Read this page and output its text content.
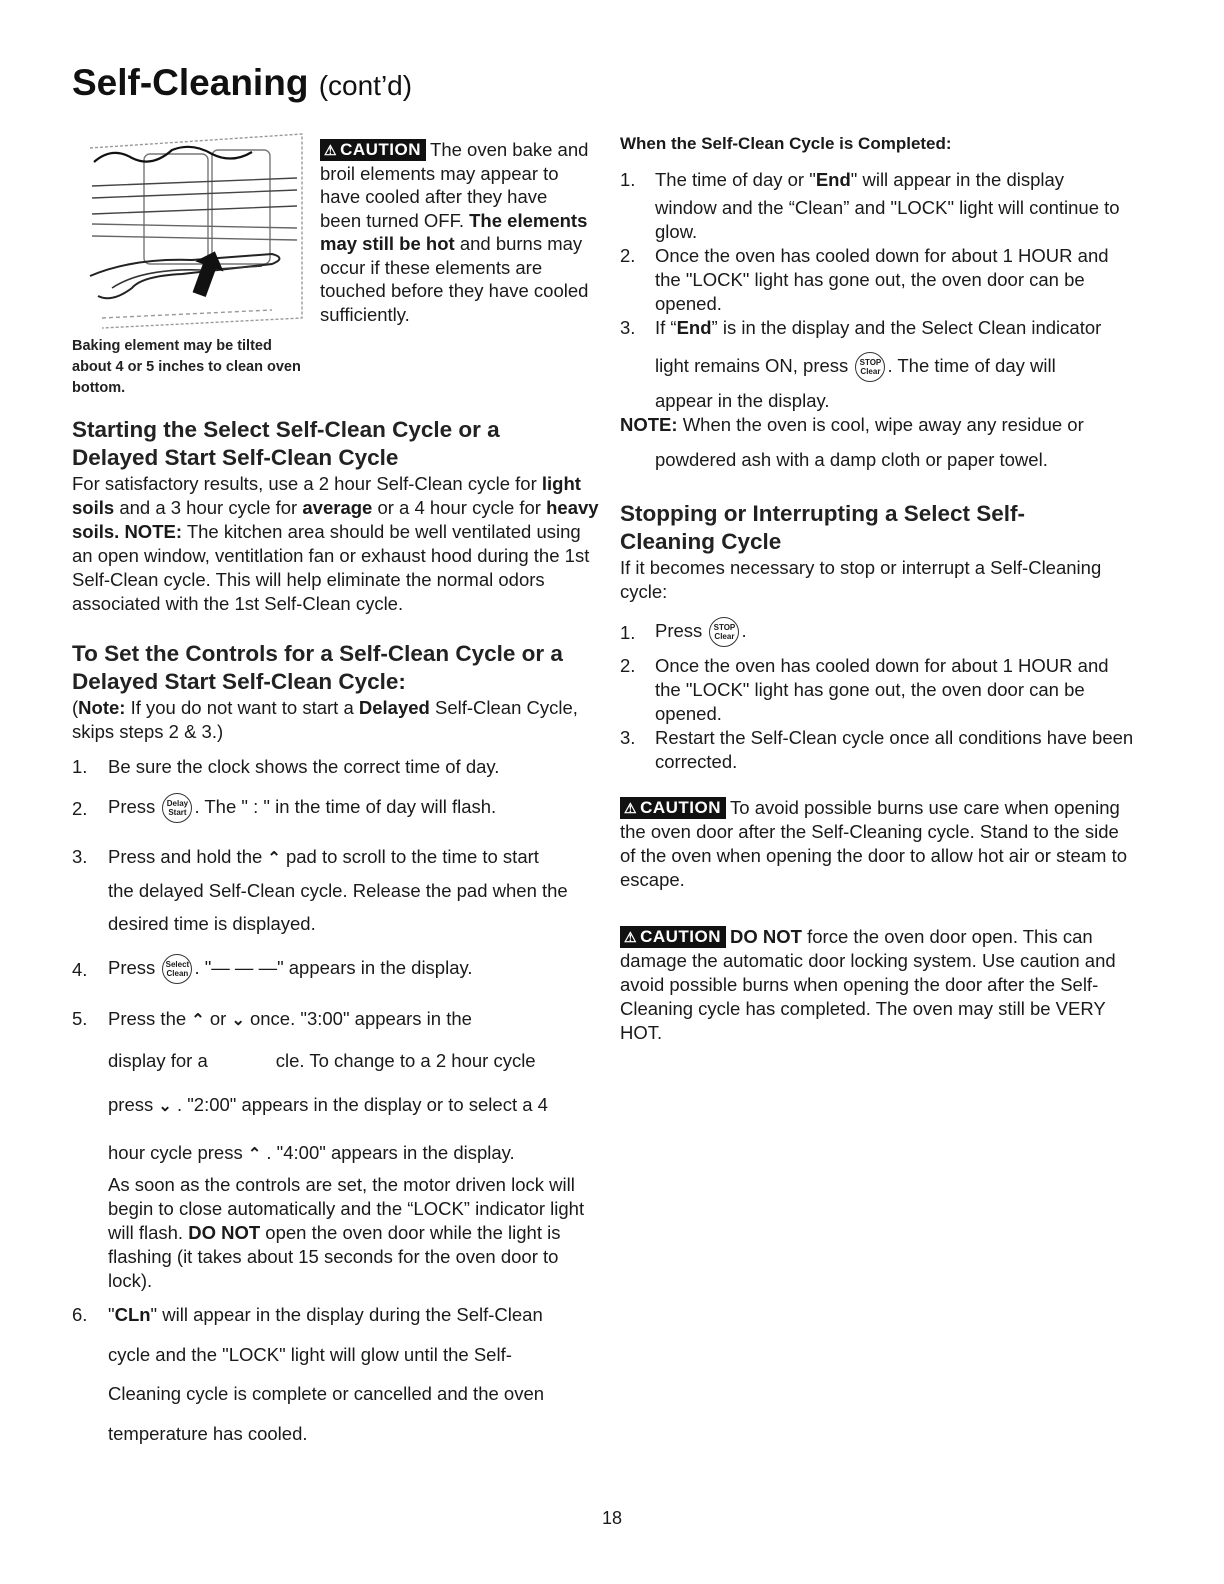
Self-Cleaning (cont’d)
Baking element may be tilted about 4 or 5 inches to clean oven bottom.
⚠ CAUTION The oven bake and broil elements may appear to have cooled after they have been turned OFF. The elements may still be hot and burns may occur if these elements are touched before they have cooled sufficiently.
Starting the Select Self-Clean Cycle or a Delayed Start Self-Clean Cycle
For satisfactory results, use a 2 hour Self-Clean cycle for light soils and a 3 hour cycle for average or a 4 hour cycle for heavy soils. NOTE: The kitchen area should be well ventilated using an open window, ventitlation fan or exhaust hood during the 1st Self-Clean cycle. This will help eliminate the normal odors associated with the 1st Self-Clean cycle.
To Set the Controls for a Self-Clean Cycle or a Delayed Start Self-Clean Cycle:
(Note: If you do not want to start a Delayed Self-Clean Cycle, skips steps 2 & 3.)
1. Be sure the clock shows the correct time of day.
2. Press Delay
Start . The " : " in the time of day will flash.
3. Press and hold the ⌃ pad to scroll to the time to start
the delayed Self-Clean cycle. Release the pad when the
desired time is displayed.
4. Press Select
Clean . "— — —" appears in the display.
5. Press the ⌃ or ⌄ once. "3:00" appears in the
display for a	cle. To change to a 2 hour cycle
press ⌄ . "2:00" appears in the display or to select a 4
hour cycle press ⌃ . "4:00" appears in the display.
As soon as the controls are set, the motor driven lock will begin to close automatically and the “LOCK” indicator light will flash. DO NOT open the oven door while the light is flashing (it takes about 15 seconds for the oven door to lock).
6. "CLn" will appear in the display during the Self-Clean
cycle and the "LOCK" light will glow until the Self-
Cleaning cycle is complete or cancelled and the oven
temperature has cooled.
When the Self-Clean Cycle is Completed:
1. The time of day or "End" will appear in the display
window and the “Clean” and "LOCK" light will continue to glow.
2. Once the oven has cooled down for about 1 HOUR and the "LOCK" light has gone out, the oven door can be opened.
3. If “End” is in the display and the Select Clean indicator
light remains ON, press STOP
Clear . The time of day will
appear in the display.
NOTE: When the oven is cool, wipe away any residue or
powdered ash with a damp cloth or paper towel.
Stopping or Interrupting a Select Self-Cleaning Cycle
If it becomes necessary to stop or interrupt a Self-Cleaning cycle:
1. Press STOP
Clear .
2. Once the oven has cooled down for about 1 HOUR and the "LOCK" light has gone out, the oven door can be opened.
3. Restart the Self-Clean cycle once all conditions have been corrected.
⚠ CAUTION To avoid possible burns use care when opening the oven door after the Self-Cleaning cycle. Stand to the side of the oven when opening the door to allow hot air or steam to escape.
⚠ CAUTION DO NOT force the oven door open. This can damage the automatic door locking system. Use caution and avoid possible burns when opening the door after the Self-Cleaning cycle has completed. The oven may still be VERY HOT.
18
